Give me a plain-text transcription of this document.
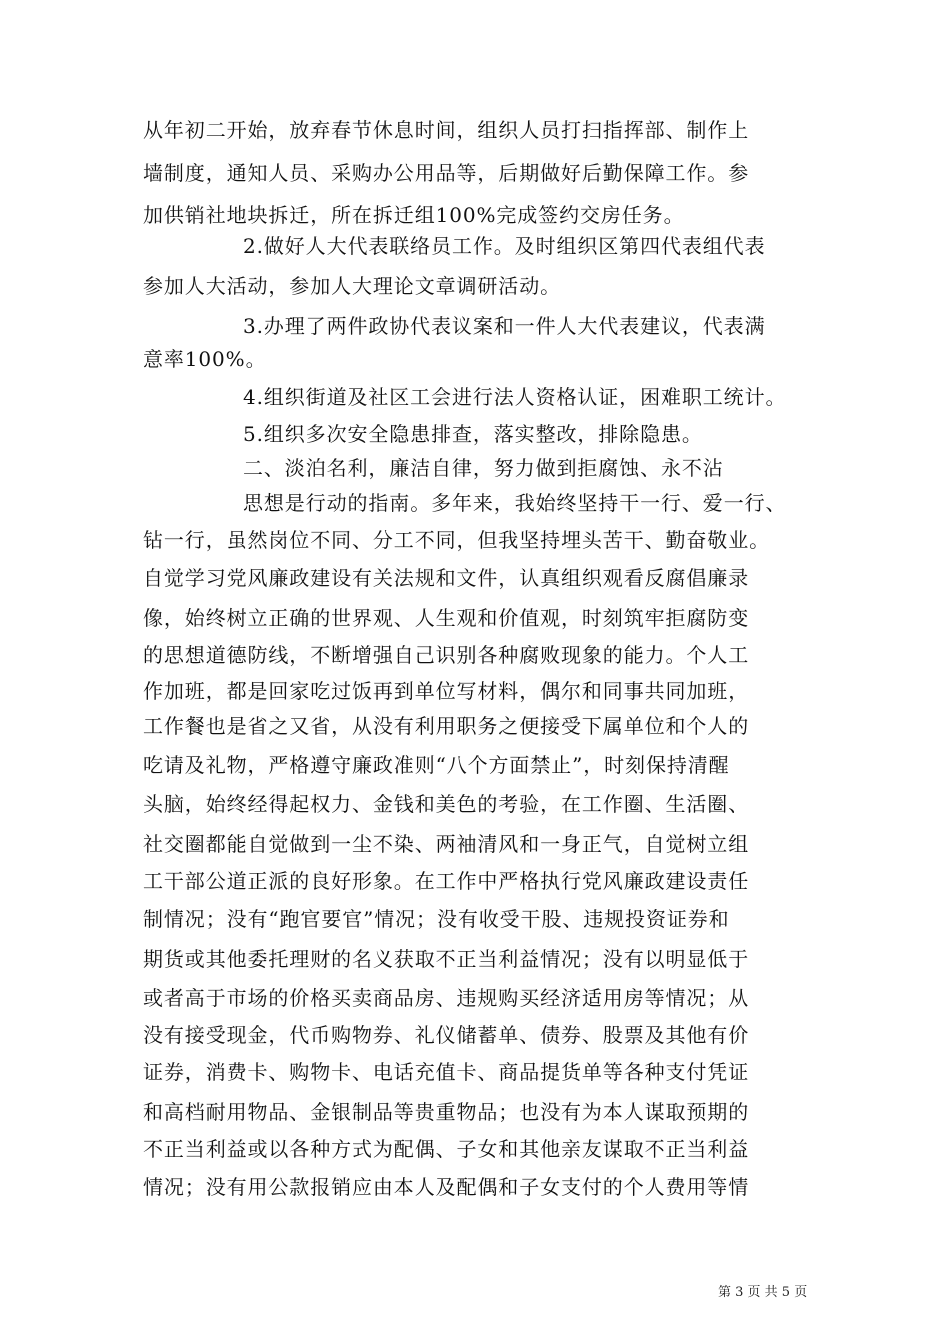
从年初二开始，放弃春节休息时间，组织人员打扫指挥部、制作上
墙制度，通知人员、采购办公用品等，后期做好后勤保障工作。参
加供销社地块拆迁，所在拆迁组100%完成签约交房任务。
2.做好人大代表联络员工作。及时组织区第四代表组代表
参加人大活动，参加人大理论文章调研活动。
3.办理了两件政协代表议案和一件人大代表建议，代表满
意率100%。
4.组织街道及社区工会进行法人资格认证，困难职工统计。
5.组织多次安全隐患排查，落实整改，排除隐患。
二、淡泊名利，廉洁自律，努力做到拒腐蚀、永不沾
思想是行动的指南。多年来，我始终坚持干一行、爱一行、
钻一行，虽然岗位不同、分工不同，但我坚持埋头苦干、勤奋敬业。
自觉学习党风廉政建设有关法规和文件，认真组织观看反腐倡廉录
像，始终树立正确的世界观、人生观和价值观，时刻筑牢拒腐防变
的思想道德防线，不断增强自己识别各种腐败现象的能力。个人工
作加班，都是回家吃过饭再到单位写材料，偶尔和同事共同加班，
工作餐也是省之又省，从没有利用职务之便接受下属单位和个人的
吃请及礼物，严格遵守廉政准则“八个方面禁止”，时刻保持清醒
头脑，始终经得起权力、金钱和美色的考验，在工作圈、生活圈、
社交圈都能自觉做到一尘不染、两袖清风和一身正气，自觉树立组
工干部公道正派的良好形象。在工作中严格执行党风廉政建设责任
制情况；没有“跑官要官”情况；没有收受干股、违规投资证券和
期货或其他委托理财的名义获取不正当利益情况；没有以明显低于
或者高于市场的价格买卖商品房、违规购买经济适用房等情况；从
没有接受现金，代币购物券、礼仪储蓄单、债券、股票及其他有价
证券，消费卡、购物卡、电话充值卡、商品提货单等各种支付凭证
和高档耐用物品、金银制品等贵重物品；也没有为本人谋取预期的
不正当利益或以各种方式为配偶、子女和其他亲友谋取不正当利益
情况；没有用公款报销应由本人及配偶和子女支付的个人费用等情
第 3 页 共 5 页
